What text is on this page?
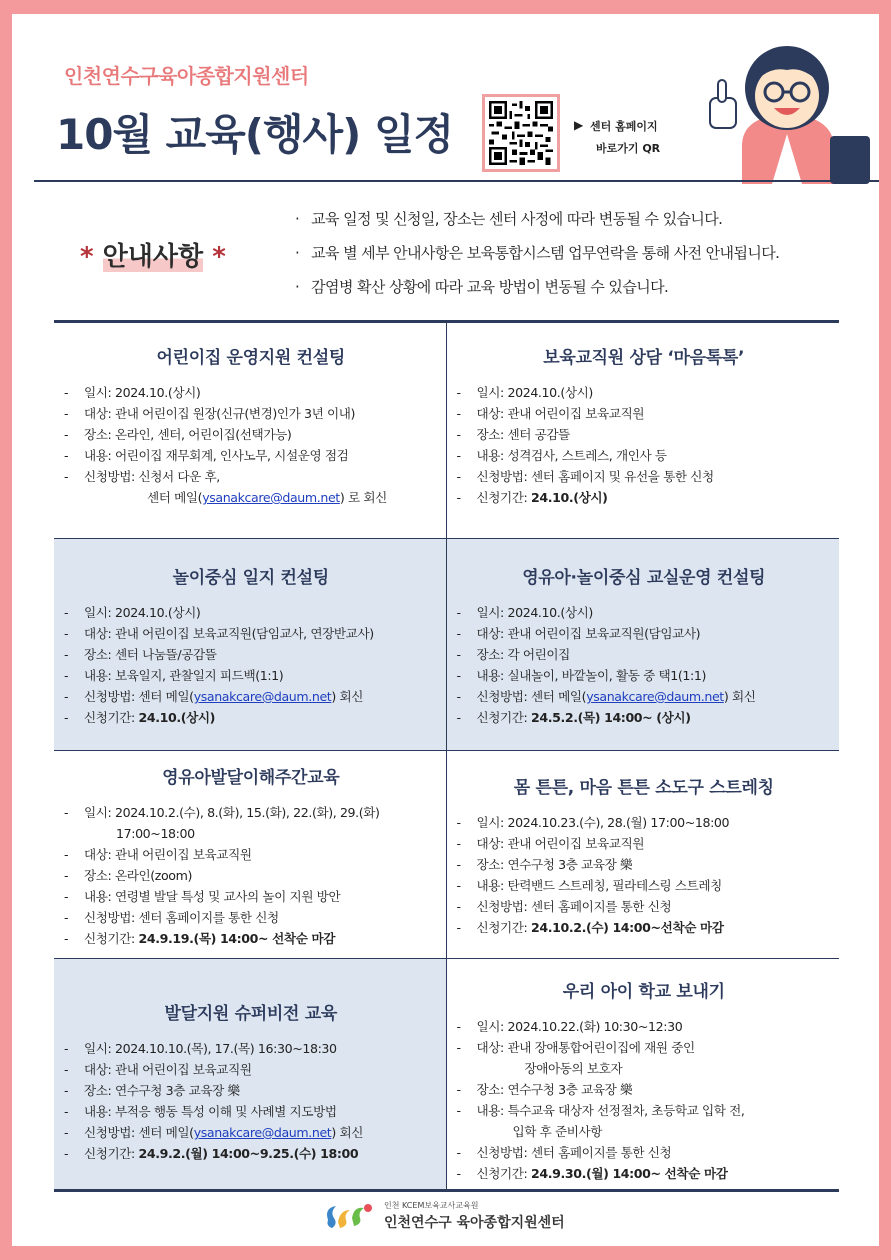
인천연수구육아종합지원센터
10월 교육(행사) 일정	▶ 센터 홈페이지
바로가기 QR
* 안내사항 *
· 교육 일정 및 신청일, 장소는 센터 사정에 따라 변동될 수 있습니다.
· 교육 별 세부 안내사항은 보육통합시스템 업무연락을 통해 사전 안내됩니다.
· 감염병 확산 상황에 따라 교육 방법이 변동될 수 있습니다.
어린이집 운영지원 컨설팅
- 일시: 2024.10.(상시)
- 대상: 관내 어린이집 원장(신규(변경)인가 3년 이내)
- 장소: 온라인, 센터, 어린이집(선택가능)
- 내용: 어린이집 재무회계, 인사노무, 시설운영 점검
- 신청방법: 신청서 다운 후,
센터 메일(ysanakcare@daum.net) 로 회신
보육교직원 상담 ‘마음톡톡’
- 일시: 2024.10.(상시)
- 대상: 관내 어린이집 보육교직원
- 장소: 센터 공감뜰
- 내용: 성격검사, 스트레스, 개인사 등
- 신청방법: 센터 홈페이지 및 유선을 통한 신청
- 신청기간: 24.10.(상시)
놀이중심 일지 컨설팅
- 일시: 2024.10.(상시)
- 대상: 관내 어린이집 보육교직원(담임교사, 연장반교사)
- 장소: 센터 나눔뜰/공감뜰
- 내용: 보육일지, 관찰일지 피드백(1:1)
- 신청방법: 센터 메일(ysanakcare@daum.net) 회신
- 신청기간: 24.10.(상시)
영유아·놀이중심 교실운영 컨설팅
- 일시: 2024.10.(상시)
- 대상: 관내 어린이집 보육교직원(담임교사)
- 장소: 각 어린이집
- 내용: 실내놀이, 바깥놀이, 활동 중 택1(1:1)
- 신청방법: 센터 메일(ysanakcare@daum.net) 회신
- 신청기간: 24.5.2.(목) 14:00~ (상시)
영유아발달이해주간교육
- 일시: 2024.10.2.(수), 8.(화), 15.(화), 22.(화), 29.(화)
17:00~18:00
- 대상: 관내 어린이집 보육교직원
- 장소: 온라인(zoom)
- 내용: 연령별 발달 특성 및 교사의 놀이 지원 방안
- 신청방법: 센터 홈페이지를 통한 신청
- 신청기간: 24.9.19.(목) 14:00~ 선착순 마감
몸 튼튼, 마음 튼튼 소도구 스트레칭
- 일시: 2024.10.23.(수), 28.(월) 17:00~18:00
- 대상: 관내 어린이집 보육교직원
- 장소: 연수구청 3층 교육장 樂
- 내용: 탄력밴드 스트레칭, 필라테스링 스트레칭
- 신청방법: 센터 홈페이지를 통한 신청
- 신청기간: 24.10.2.(수) 14:00~선착순 마감
발달지원 슈퍼비전 교육
- 일시: 2024.10.10.(목), 17.(목) 16:30~18:30
- 대상: 관내 어린이집 보육교직원
- 장소: 연수구청 3층 교육장 樂
- 내용: 부적응 행동 특성 이해 및 사례별 지도방법
- 신청방법: 센터 메일(ysanakcare@daum.net) 회신
- 신청기간: 24.9.2.(월) 14:00~9.25.(수) 18:00
우리 아이 학교 보내기
- 일시: 2024.10.22.(화) 10:30~12:30
- 대상: 관내 장애통합어린이집에 재원 중인
장애아동의 보호자
- 장소: 연수구청 3층 교육장 樂
- 내용: 특수교육 대상자 선정절차, 초등학교 입학 전,
입학 후 준비사항
- 신청방법: 센터 홈페이지를 통한 신청
- 신청기간: 24.9.30.(월) 14:00~ 선착순 마감
인천 KCEM보육교사교육원
인천연수구 육아종합지원센터
